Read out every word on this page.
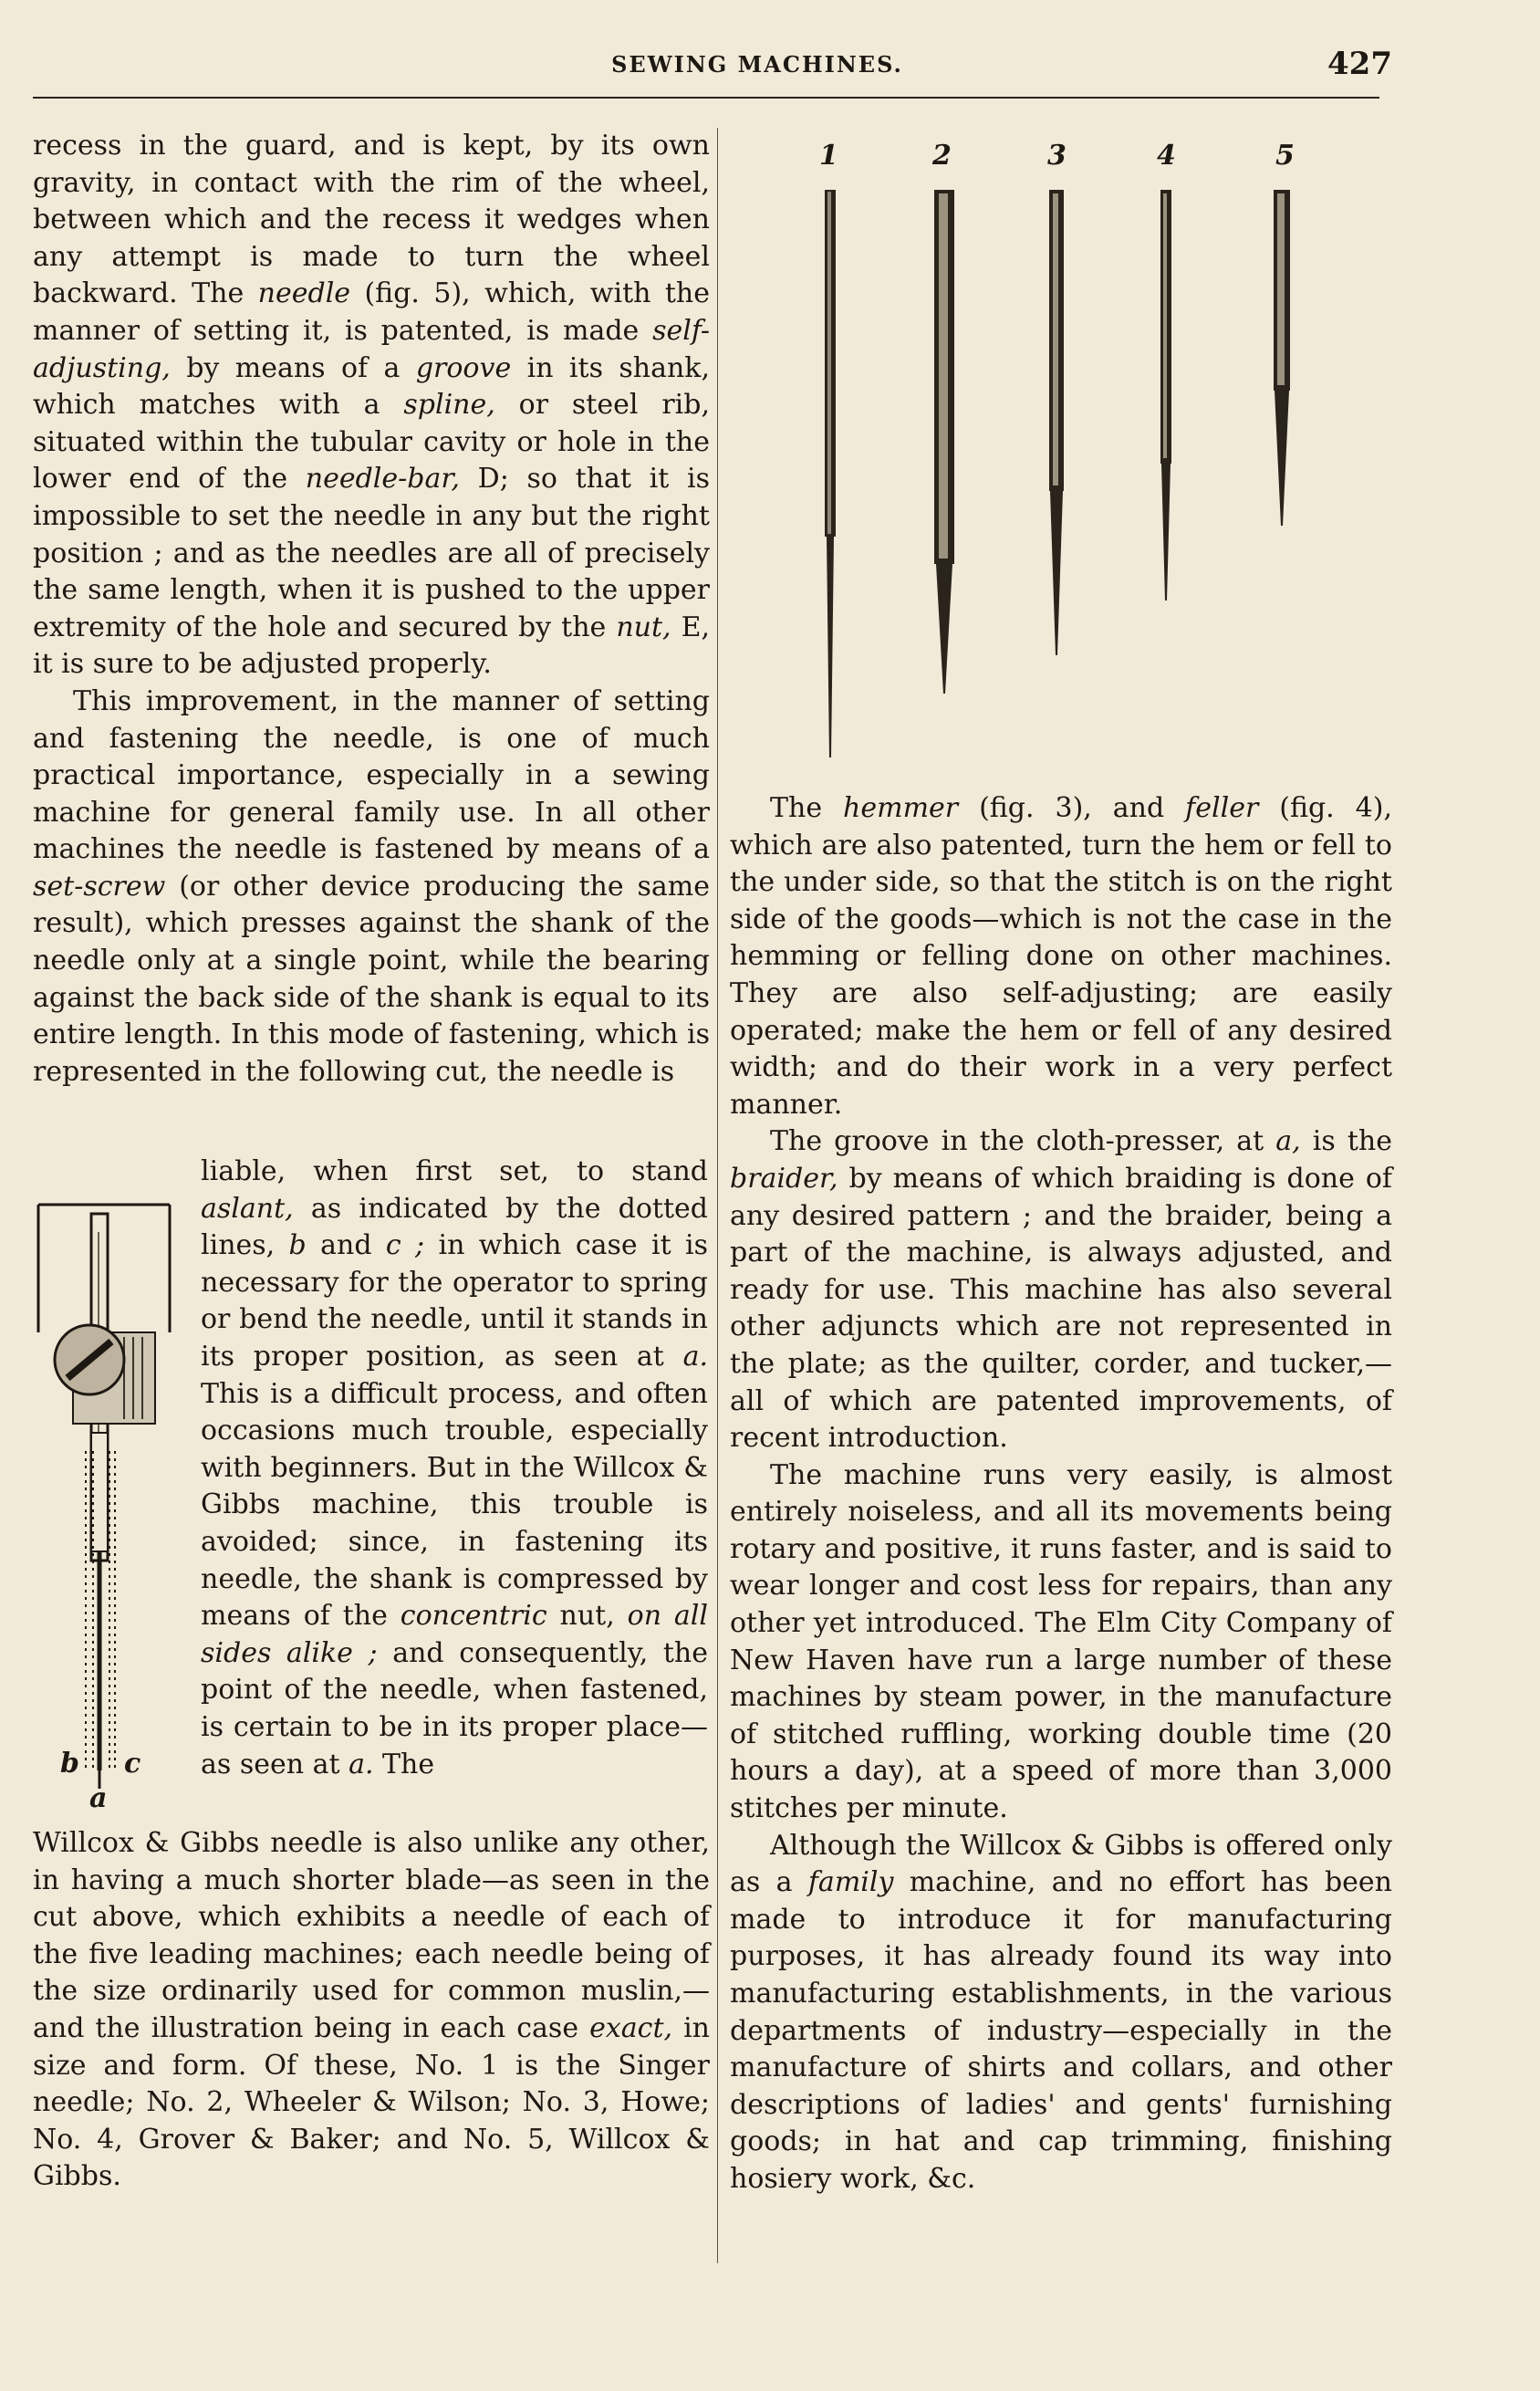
SEWING MACHINES.	427

recess in the guard, and is kept, by its own gravity, in contact with the rim of the wheel, between which and the recess it wedges when any attempt is made to turn the wheel backward. The needle (fig. 5), which, with the manner of setting it, is patented, is made self-adjusting, by means of a groove in its shank, which matches with a spline, or steel rib, situated within the tubular cavity or hole in the lower end of the needle-bar, D; so that it is impossible to set the needle in any but the right position ; and as the needles are all of precisely the same length, when it is pushed to the upper extremity of the hole and secured by the nut, E, it is sure to be adjusted properly.

This improvement, in the manner of setting and fastening the needle, is one of much practical importance, especially in a sewing machine for general family use. In all other machines the needle is fastened by means of a set-screw (or other device producing the same result), which presses against the shank of the needle only at a single point, while the bearing against the back side of the shank is equal to its entire length. In this mode of fastening, which is represented in the following cut, the needle is

b c
a
liable, when first set, to stand aslant, as indicated by the dotted lines, b and c ; in which case it is necessary for the operator to spring or bend the needle, until it stands in its proper position, as seen at a. This is a difficult process, and often occasions much trouble, especially with beginners. But in the Willcox & Gibbs machine, this trouble is avoided; since, in fastening its needle, the shank is compressed by means of the concentric nut, on all sides alike ; and consequently, the point of the needle, when fastened, is certain to be in its proper place—as seen at a. The
Willcox & Gibbs needle is also unlike any other, in having a much shorter blade—as seen in the cut above, which exhibits a needle of each of the five leading machines; each needle being of the size ordinarily used for common muslin,—and the illustration being in each case exact, in size and form. Of these, No. 1 is the Singer needle; No. 2, Wheeler & Wilson; No. 3, Howe; No. 4, Grover & Baker; and No. 5, Willcox & Gibbs.
1	2	3	4	5

The hemmer (fig. 3), and feller (fig. 4), which are also patented, turn the hem or fell to the under side, so that the stitch is on the right side of the goods—which is not the case in the hemming or felling done on other machines. They are also self-adjusting; are easily operated; make the hem or fell of any desired width; and do their work in a very perfect manner.

The groove in the cloth-presser, at a, is the braider, by means of which braiding is done of any desired pattern ; and the braider, being a part of the machine, is always adjusted, and ready for use. This machine has also several other adjuncts which are not represented in the plate; as the quilter, corder, and tucker,—all of which are patented improvements, of recent introduction.

The machine runs very easily, is almost entirely noiseless, and all its movements being rotary and positive, it runs faster, and is said to wear longer and cost less for repairs, than any other yet introduced. The Elm City Company of New Haven have run a large number of these machines by steam power, in the manufacture of stitched ruffling, working double time (20 hours a day), at a speed of more than 3,000 stitches per minute.

Although the Willcox & Gibbs is offered only as a family machine, and no effort has been made to introduce it for manufacturing purposes, it has already found its way into manufacturing establishments, in the various departments of industry—especially in the manufacture of shirts and collars, and other descriptions of ladies' and gents' furnishing goods; in hat and cap trimming, finishing hosiery work, &c.
